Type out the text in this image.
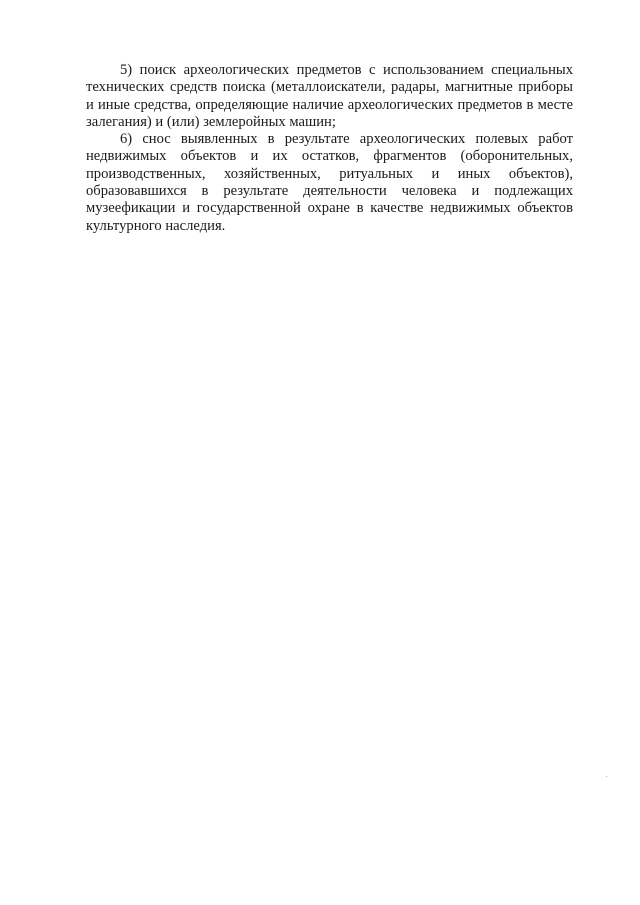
5) поиск археологических предметов с использованием специальных технических средств поиска (металлоискатели, радары, магнитные приборы и иные средства, определяющие наличие археологических предметов в месте залегания) и (или) землеройных машин;

6) снос выявленных в результате археологических полевых работ недвижимых объектов и их остатков, фрагментов (оборонительных, производственных, хозяйственных, ритуальных и иных объектов), образовавшихся в результате деятельности человека и подлежащих музеефикации и государственной охране в качестве недвижимых объектов культурного наследия.
